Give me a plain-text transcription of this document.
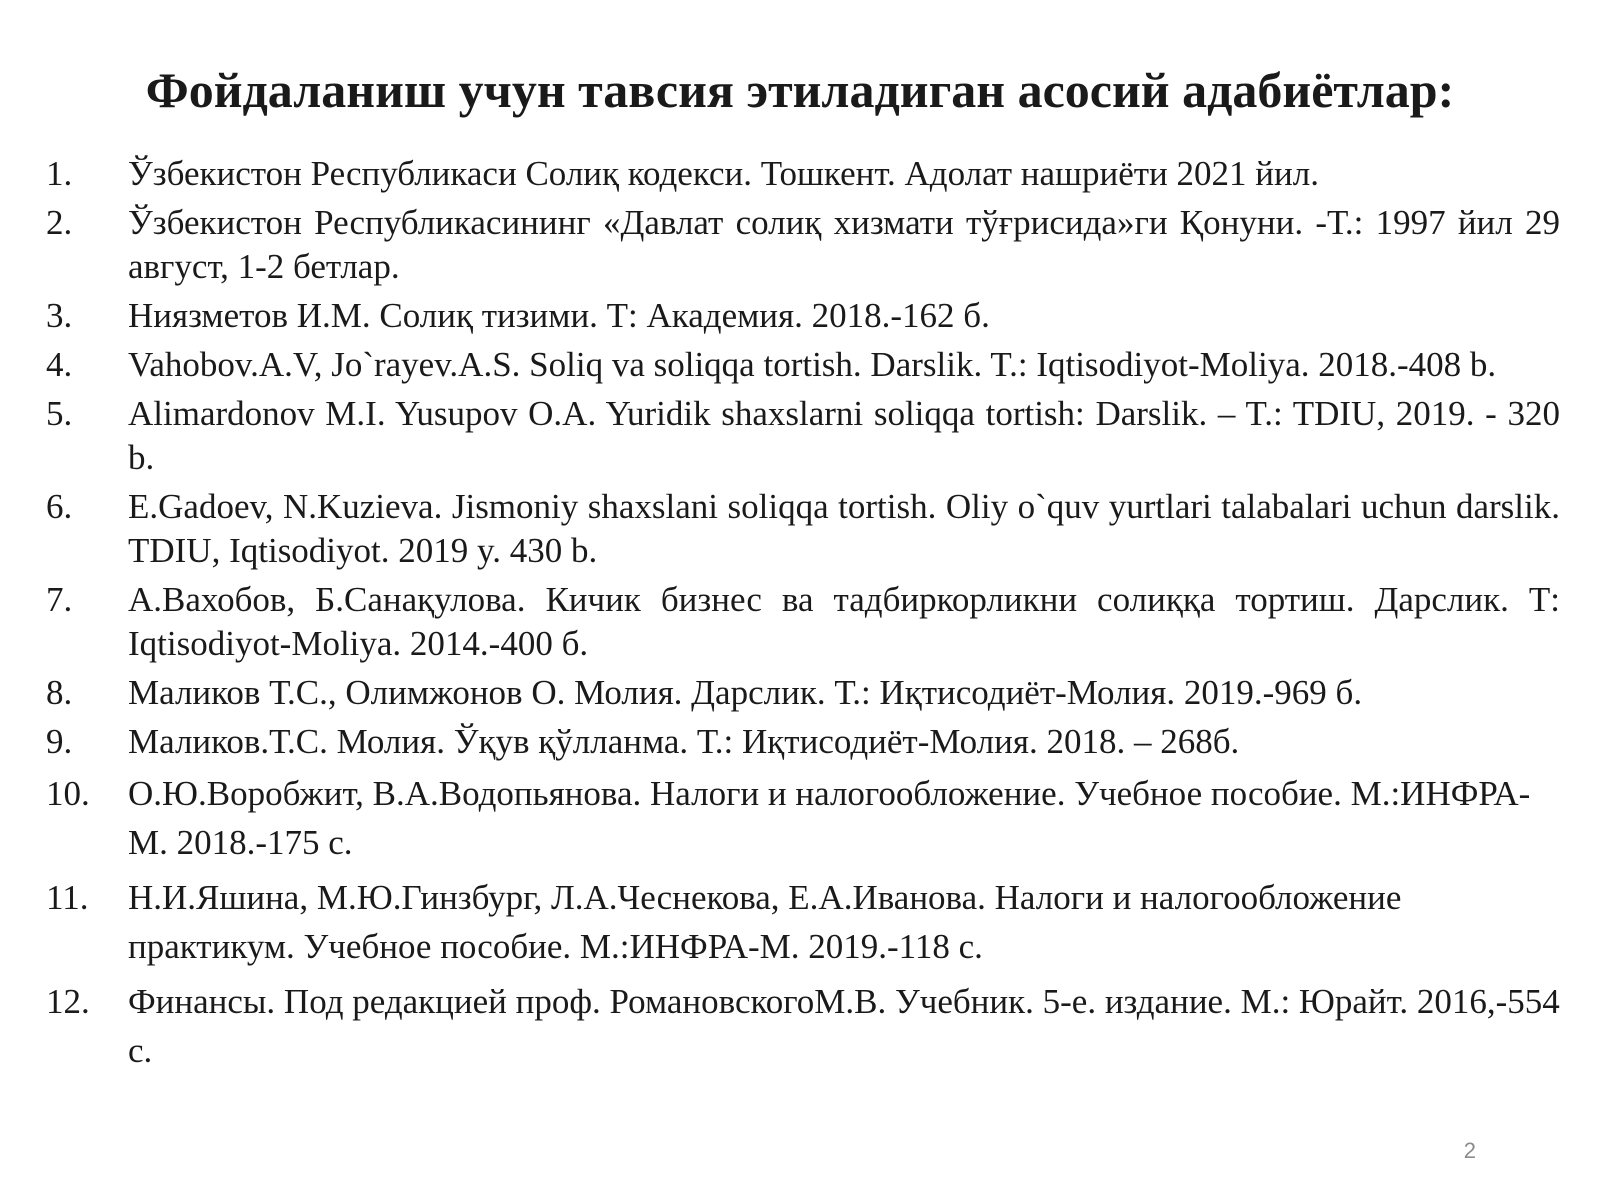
Фойдаланиш учун тавсия этиладиган асосий адабиётлар:
1.	Ўзбекистон Республикаси Солиқ кодекси. Тошкент. Адолат нашриёти 2021 йил.
2.	Ўзбекистон Республикасининг «Давлат солиқ хизмати тўғрисида»ги Қонуни. -Т.: 1997 йил 29 август, 1-2 бетлар.
3.	Ниязметов И.М. Солиқ тизими. Т: Академия. 2018.-162 б.
4.	Vahobov.A.V, Jo`rayev.A.S. Soliq va soliqqa tortish. Darslik. T.: Iqtisodiyot-Moliya. 2018.-408 b.
5.	Alimardonov M.I. Yusupov O.A. Yuridik shaxslarni soliqqa tortish: Darslik. – T.: TDIU, 2019. - 320 b.
6.	E.Gadoev, N.Kuzieva. Jismoniy shaxslani soliqqa tortish. Oliy o`quv yurtlari talabalari uchun darslik. TDIU, Iqtisodiyot. 2019 y. 430 b.
7.	А.Вахобов, Б.Санақулова. Кичик бизнес ва тадбиркорликни солиққа тортиш. Дарслик. Т: Iqtisodiyot-Moliya. 2014.-400 б.
8.	Маликов Т.С., Олимжонов О. Молия. Дарслик. Т.: Иқтисодиёт-Молия. 2019.-969 б.
9.	Маликов.Т.С. Молия. Ўқув қўлланма. Т.: Иқтисодиёт-Молия. 2018. – 268б.
10.	О.Ю.Воробжит, В.А.Водопьянова. Налоги и налогообложение. Учебное пособие. М.:ИНФРА-М. 2018.-175 с.
11.	Н.И.Яшина, М.Ю.Гинзбург, Л.А.Чеснекова, Е.А.Иванова. Налоги и налогообложение практикум. Учебное пособие. М.:ИНФРА-М. 2019.-118 с.
12.	Финансы. Под редакцией проф. РомановскогоМ.В. Учебник. 5-е. издание. М.: Юрайт. 2016,-554 с.
2
